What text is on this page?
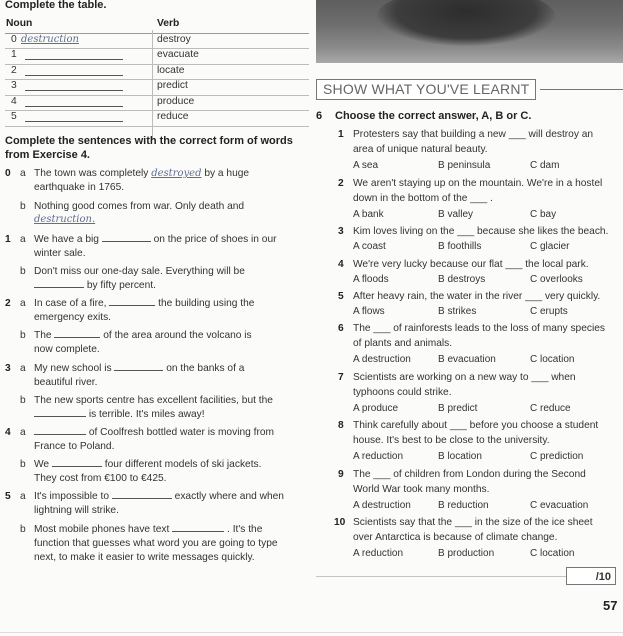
Complete the table.
Noun	Verb
0 destruction	destroy
1	evacuate
2	locate
3	predict
4	produce
5	reduce
Complete the sentences with the correct form of words
from Exercise 4.
0 a The town was completely destroyed by a huge
earthquake in 1765.
b Nothing good comes from war. Only death and
destruction.
1 a We have a big	on the price of shoes in our
winter sale.
b Don't miss our one-day sale. Everything will be
by fifty percent.
2 a In case of a fire,	the building using the
emergency exits.
b The	of the area around the volcano is
now complete.
3 a My new school is	on the banks of a
beautiful river.
b The new sports centre has excellent facilities, but the
is terrible. It's miles away!
4 a	of Coolfresh bottled water is moving from
France to Poland.
b We	four different models of ski jackets.
They cost from €100 to €425.
5 a It's impossible to	exactly where and when
lightning will strike.
b Most mobile phones have text	. It's the
function that guesses what word you are going to type
next, to make it easier to write messages quickly.
SHOW WHAT YOU'VE LEARNT
6 Choose the correct answer, A, B or C.
1 Protesters say that building a new ___ will destroy an
area of unique natural beauty.
A sea	B peninsula	C dam
2 We aren't staying up on the mountain. We're in a hostel
down in the bottom of the ___ .
A bank	B valley	C bay
3 Kim loves living on the ___ because she likes the beach.
A coast	B foothills	C glacier
4 We're very lucky because our flat ___ the local park.
A floods	B destroys	C overlooks
5 After heavy rain, the water in the river ___ very quickly.
A flows	B strikes	C erupts
6 The ___ of rainforests leads to the loss of many species
of plants and animals.
A destruction	B evacuation	C location
7 Scientists are working on a new way to ___ when
typhoons could strike.
A produce	B predict	C reduce
8 Think carefully about ___ before you choose a student
house. It's best to be close to the university.
A reduction	B location	C prediction
9 The ___ of children from London during the Second
World War took many months.
A destruction	B reduction	C evacuation
10 Scientists say that the ___ in the size of the ice sheet
over Antarctica is because of climate change.
A reduction	B production	C location
/10
57
